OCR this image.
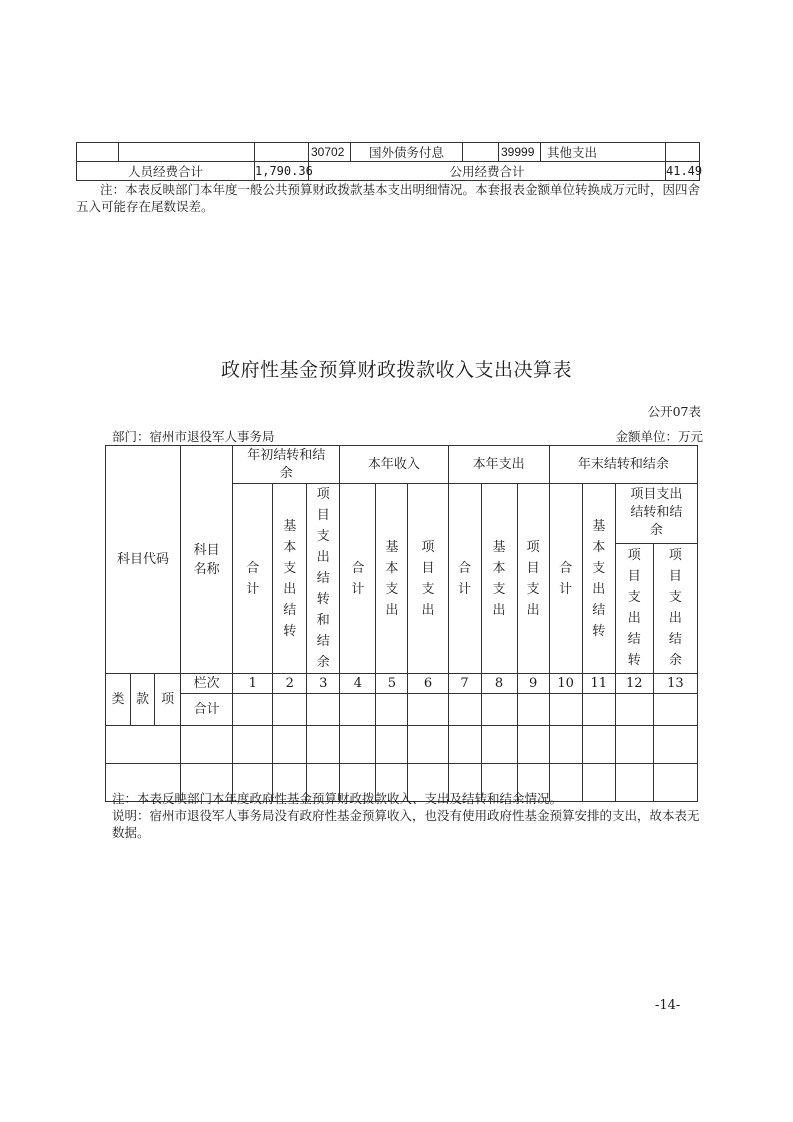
			30702	国外债务付息		39999	其他支出	
人员经费合计		1,790.36	公用经费合计					41.49
注：本表反映部门本年度一般公共预算财政拨款基本支出明细情况。本套报表金额单位转换成万元时，因四舍五入可能存在尾数误差。
政府性基金预算财政拨款收入支出决算表
公开07表
部门：宿州市退役军人事务局	金额单位：万元
科目代码			科目名称	年初结转和结余			本年收入			本年支出			年末结转和结余			
				合计	基本支出结转	项目支出结转和结余	合计	基本支出	项目支出	合计	基本支出	项目支出	合计	基本支出结转	项目支出结转和结余	
															项目支出结转	项目支出结余
类	款	项	栏次	1	2	3	4	5	6	7	8	9	10	11	12	13
			合计													

注：本表反映部门本年度政府性基金预算财政拨款收入、支出及结转和结余情况。
说明：宿州市退役军人事务局没有政府性基金预算收入，也没有使用政府性基金预算安排的支出，故本表无数据。
-14-
